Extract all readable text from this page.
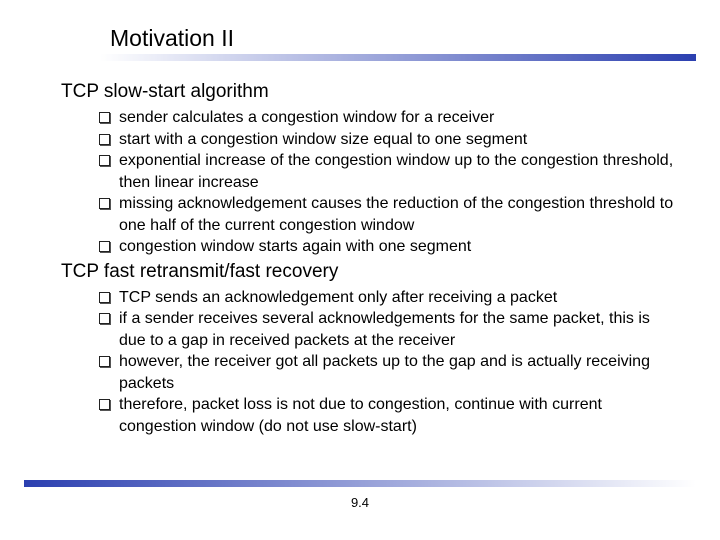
Motivation II
TCP slow-start algorithm
sender calculates a congestion window for a receiver
start with a congestion window size equal to one segment
exponential increase of the congestion window up to the congestion threshold, then linear increase
missing acknowledgement causes the reduction of the congestion threshold to one half of the current congestion window
congestion window starts again with one segment
TCP fast retransmit/fast recovery
TCP sends an acknowledgement only after receiving a packet
if a sender receives several acknowledgements for the same packet, this is due to a gap in received packets at the receiver
however, the receiver got all packets up to the gap and is actually receiving packets
therefore, packet loss is not due to congestion, continue with current congestion window (do not use slow-start)
9.4
